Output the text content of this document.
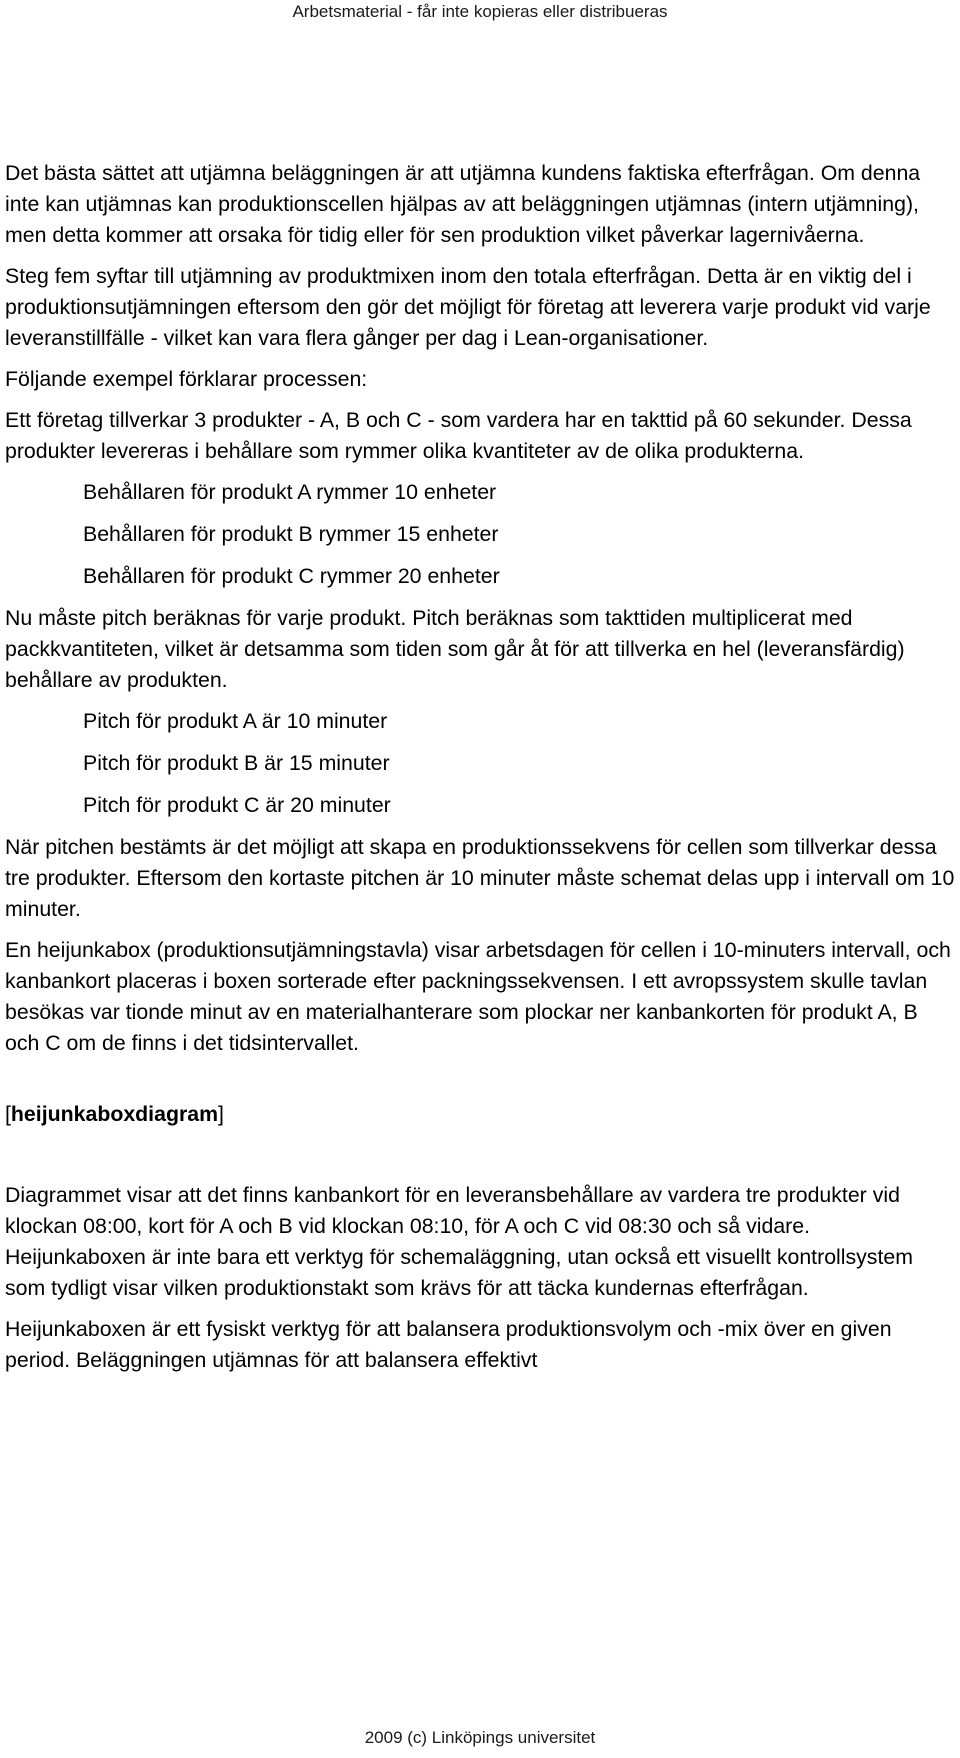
Arbetsmaterial - får inte kopieras eller distribueras

Det bästa sättet att utjämna beläggningen är att utjämna kundens faktiska efterfrågan. Om denna inte kan utjämnas kan produktionscellen hjälpas av att beläggningen utjämnas (intern utjämning), men detta kommer att orsaka för tidig eller för sen produktion vilket påverkar lagernivåerna.

Steg fem syftar till utjämning av produktmixen inom den totala efterfrågan. Detta är en viktig del i produktionsutjämningen eftersom den gör det möjligt för företag att leverera varje produkt vid varje leveranstillfälle - vilket kan vara flera gånger per dag i Lean-organisationer.

Följande exempel förklarar processen:

Ett företag tillverkar 3 produkter - A, B och C - som vardera har en takttid på 60 sekunder. Dessa produkter levereras i behållare som rymmer olika kvantiteter av de olika produkterna.

Behållaren för produkt A rymmer 10 enheter

Behållaren för produkt B rymmer 15 enheter

Behållaren för produkt C rymmer 20 enheter

Nu måste pitch beräknas för varje produkt. Pitch beräknas som takttiden multiplicerat med packkvantiteten, vilket är detsamma som tiden som går åt för att tillverka en hel (leveransfärdig) behållare av produkten.

Pitch för produkt A är 10 minuter

Pitch för produkt B är 15 minuter

Pitch för produkt C är 20 minuter

När pitchen bestämts är det möjligt att skapa en produktionssekvens för cellen som tillverkar dessa tre produkter. Eftersom den kortaste pitchen är 10 minuter måste schemat delas upp i intervall om 10 minuter.

En heijunkabox (produktionsutjämningstavla) visar arbetsdagen för cellen i 10-minuters intervall, och kanbankort placeras i boxen sorterade efter packningssekvensen. I ett avropssystem skulle tavlan besökas var tionde minut av en materialhanterare som plockar ner kanbankorten för produkt A, B och C om de finns i det tidsintervallet.

[heijunkaboxdiagram]

Diagrammet visar att det finns kanbankort för en leveransbehållare av vardera tre produkter vid klockan 08:00, kort för A och B vid klockan 08:10, för A och C vid 08:30 och så vidare. Heijunkaboxen är inte bara ett verktyg för schemaläggning, utan också ett visuellt kontrollsystem som tydligt visar vilken produktionstakt som krävs för att täcka kundernas efterfrågan.

Heijunkaboxen är ett fysiskt verktyg för att balansera produktionsvolym och -mix över en given period. Beläggningen utjämnas för att balansera effektivt

2009 (c) Linköpings universitet
